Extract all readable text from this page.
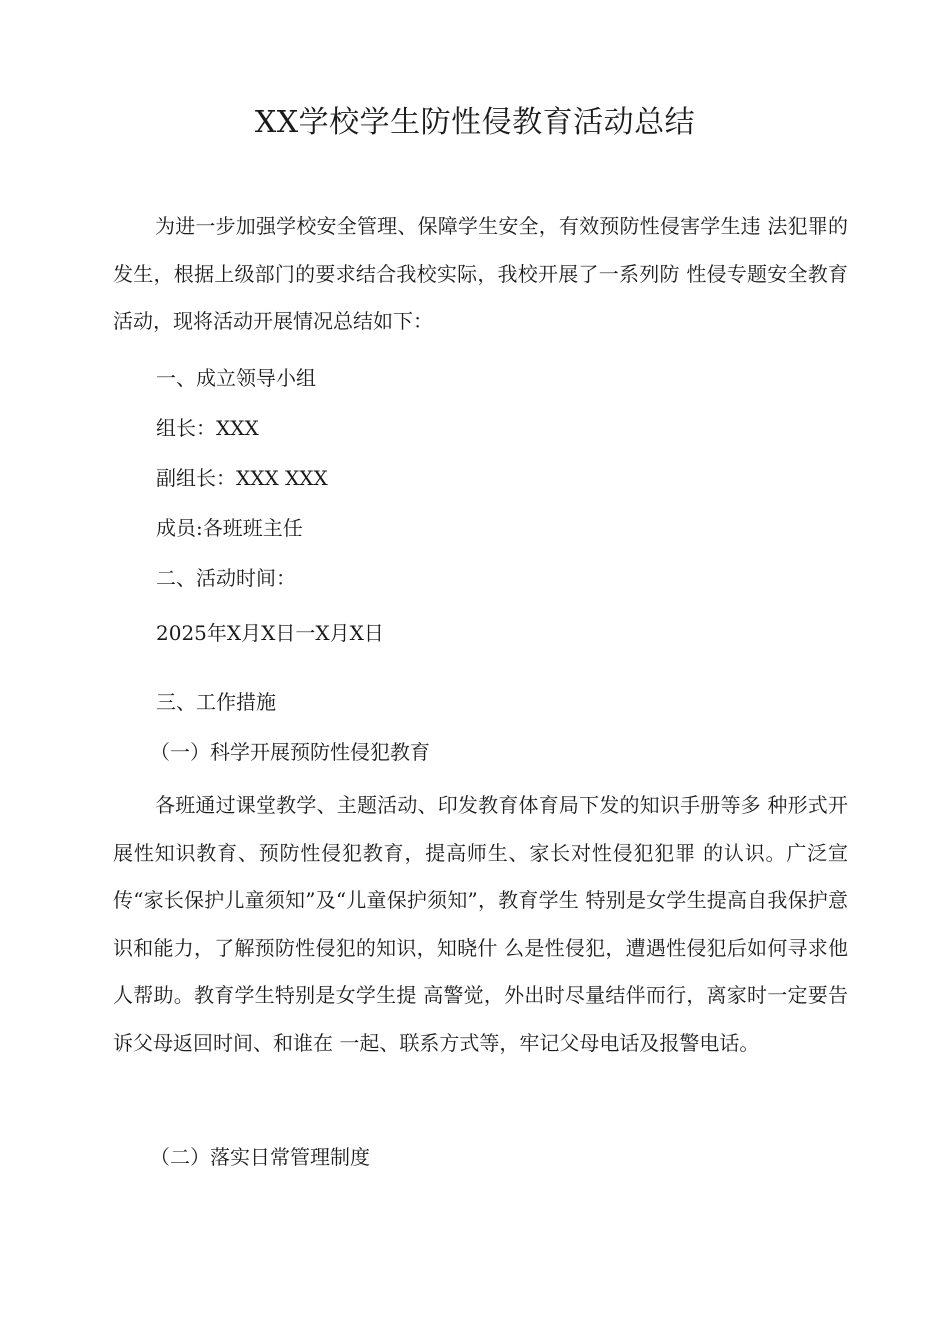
XX学校学生防性侵教育活动总结
为进一步加强学校安全管理、保障学生安全，有效预防性侵害学生违 法犯罪的发生，根据上级部门的要求结合我校实际，我校开展了一系列防 性侵专题安全教育活动，现将活动开展情况总结如下：
一、成立领导小组
组长：XXX
副组长：XXX XXX
成员:各班班主任
二、活动时间：
2025年X月X日一X月X日
三、工作措施
（一）科学开展预防性侵犯教育
各班通过课堂教学、主题活动、印发教育体育局下发的知识手册等多 种形式开展性知识教育、预防性侵犯教育，提高师生、家长对性侵犯犯罪 的认识。广泛宣传“家长保护儿童须知”及“儿童保护须知”，教育学生 特别是女学生提高自我保护意识和能力，了解预防性侵犯的知识，知晓什 么是性侵犯，遭遇性侵犯后如何寻求他人帮助。教育学生特别是女学生提 高警觉，外出时尽量结伴而行，离家时一定要告诉父母返回时间、和谁在 一起、联系方式等，牢记父母电话及报警电话。
（二）落实日常管理制度
